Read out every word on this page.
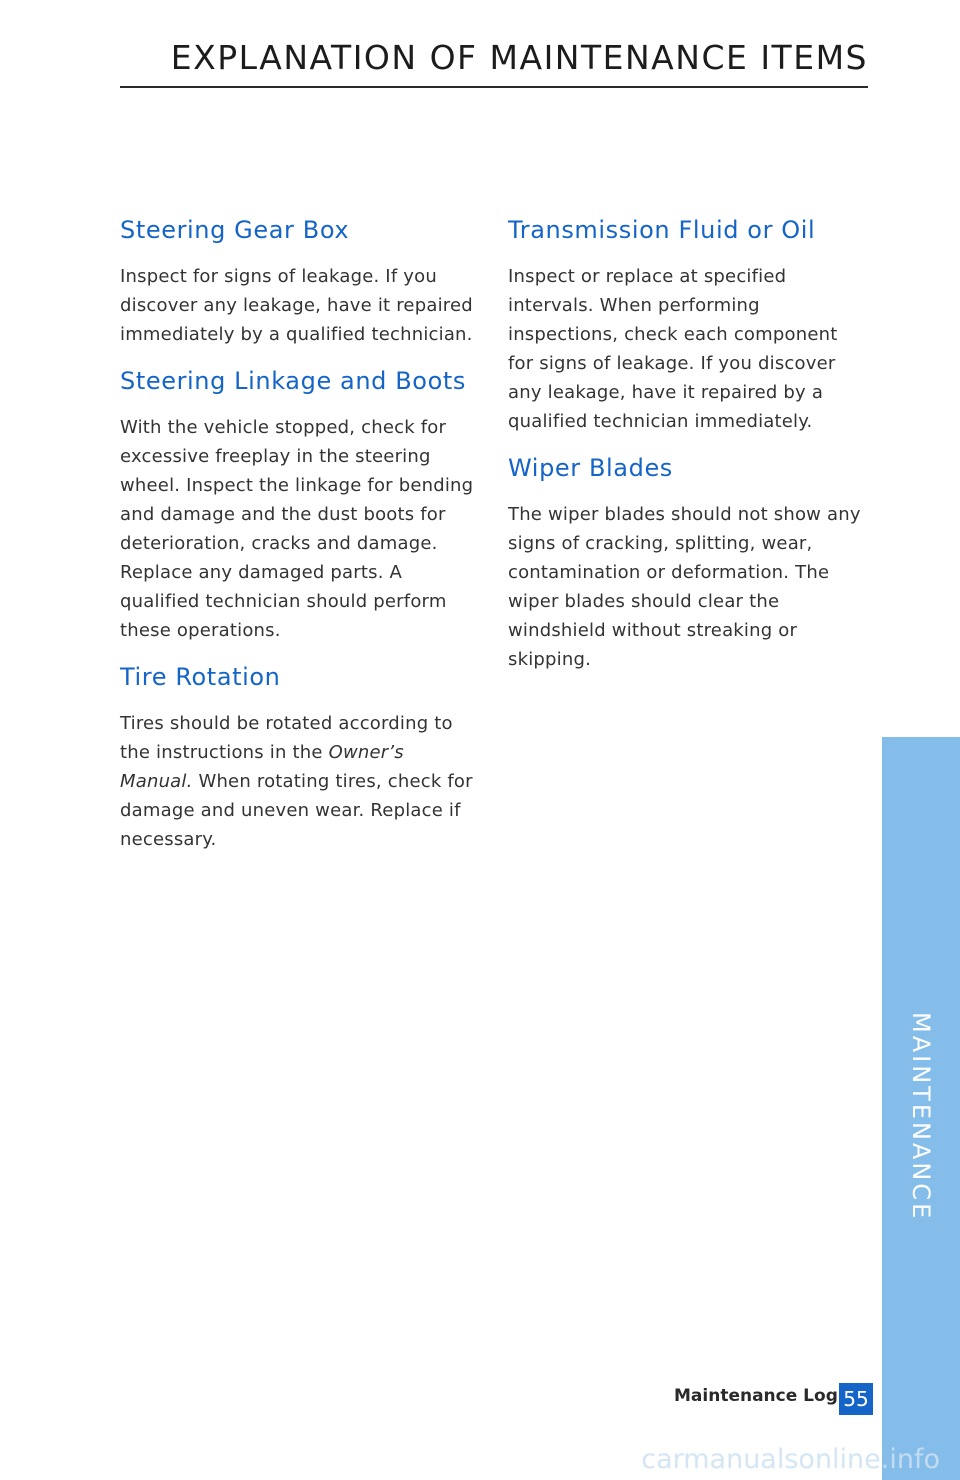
EXPLANATION OF MAINTENANCE ITEMS
Steering Gear Box

Inspect for signs of leakage. If you discover any leakage, have it repaired immediately by a qualified technician.

Steering Linkage and Boots

With the vehicle stopped, check for excessive freeplay in the steering wheel. Inspect the linkage for bending and damage and the dust boots for deterioration, cracks and damage. Replace any damaged parts. A qualified technician should perform these operations.

Tire Rotation

Tires should be rotated according to the instructions in the Owner’s Manual. When rotating tires, check for damage and uneven wear. Replace if necessary.

Transmission Fluid or Oil

Inspect or replace at specified intervals. When performing inspections, check each component for signs of leakage. If you discover any leakage, have it repaired by a qualified technician immediately.

Wiper Blades

The wiper blades should not show any signs of cracking, splitting, wear, contamination or deformation. The wiper blades should clear the windshield without streaking or skipping.

MAINTENANCE
Maintenance Log 55
carmanualsonline.info
